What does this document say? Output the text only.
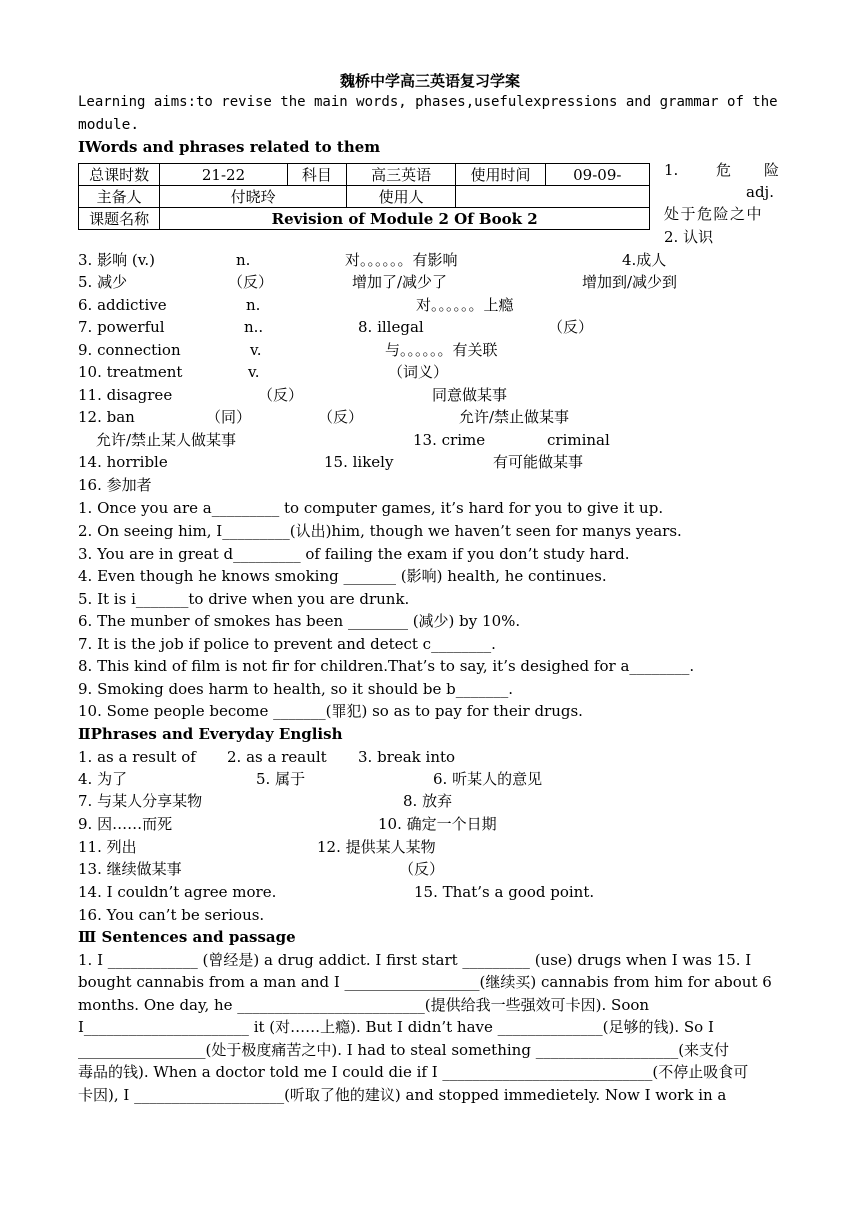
魏桥中学高三英语复习学案
Learning aims:to revise the main words, phases,usefulexpressions and grammar of the
module.
ⅠWords and phrases related to them
总课时数	21-22	科目	高三英语	使用时间	09-09-
主备人	付晓玲		使用人		
课题名称	Revision of Module 2 Of Book 2				
1.	危 险
adj.
处于危险之中
2. 认识
3. 影响 (v.)	n.	对。。。。。。有影响	4.成人
5. 减少	（反）	增加了/减少了	增加到/减少到
6. addictive	n.	对。。。。。。上瘾
7. powerful	n..	8. illegal	（反）
9. connection	v.	与。。。。。。有关联
10. treatment	v.	（词义）
11. disagree	（反）	同意做某事
12. ban	（同）	（反）	允许/禁止做某事
允许/禁止某人做某事	13. crime	criminal
14. horrible	15. likely	有可能做某事
16. 参加者
1. Once you are a_________ to computer games, it’s hard for you to give it up.
2. On seeing him, I_________(认出)him, though we haven’t seen for manys years.
3. You are in great d_________ of failing the exam if you don’t study hard.
4. Even though he knows smoking _______ (影响) health, he continues.
5. It is i_______to drive when you are drunk.
6. The munber of smokes has been ________ (减少) by 10%.
7. It is the job if police to prevent and detect c________.
8. This kind of film is not fir for children.That’s to say, it’s desighed for a________.
9. Smoking does harm to health, so it should be b_______.
10. Some people become _______(罪犯) so as to pay for their drugs.
ⅡPhrases and Everyday English
1. as a result of 2. as a reault 3. break into
4. 为了	5. 属于	6. 听某人的意见
7. 与某人分享某物	8. 放弃
9. 因……而死	10. 确定一个日期
11. 列出	12. 提供某人某物
13. 继续做某事	（反）
14. I couldn’t agree more.	15. That’s a good point.
16. You can’t be serious.
Ⅲ Sentences and passage
1. I ____________ (曾经是) a drug addict. I first start _________ (use) drugs when I was 15. I
bought cannabis from a man and I __________________(继续买) cannabis from him for about 6
months. One day, he _________________________(提供给我一些强效可卡因). Soon
I______________________ it (对……上瘾). But I didn’t have ______________(足够的钱). So I
_________________(处于极度痛苦之中). I had to steal something ___________________(来支付
毒品的钱). When a doctor told me I could die if I ____________________________(不停止吸食可
卡因), I ____________________(听取了他的建议) and stopped immedietely. Now I work in a
